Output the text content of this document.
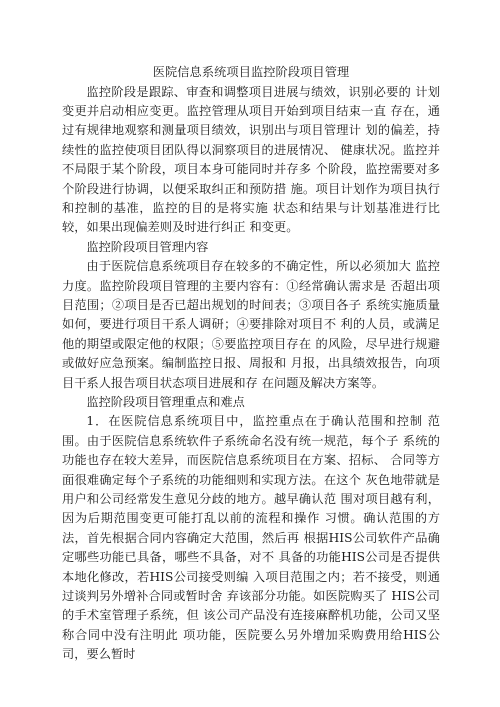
医院信息系统项目监控阶段项目管理

监控阶段是跟踪、审查和调整项目进展与绩效，识别必要的 计划变更并启动相应变更。监控管理从项目开始到项目结束一直 存在，通过有规律地观察和测量项目绩效，识别出与项目管理计 划的偏差，持续性的监控使项目团队得以洞察项目的进展情况、 健康状况。监控并不局限于某个阶段，项目本身可能同时并存多 个阶段，监控需要对多个阶段进行协调，以便采取纠正和预防措 施。项目计划作为项目执行和控制的基准，监控的目的是将实施 状态和结果与计划基准进行比较，如果出现偏差则及时进行纠正 和变更。

监控阶段项目管理内容

由于医院信息系统项目存在较多的不确定性，所以必须加大 监控力度。监控阶段项目管理的主要内容有：①经常确认需求是 否超出项目范围；②项目是否已超出规划的时间表；③项目各子 系统实施质量如何，要进行项目干系人调研；④要排除对项目不 利的人员，或满足他的期望或限定他的权限；⑤要监控项目存在 的风险，尽早进行规避或做好应急预案。编制监控日报、周报和 月报，出具绩效报告，向项目干系人报告项目状态项目进展和存 在问题及解决方案等。

监控阶段项目管理重点和难点

1．在医院信息系统项目中，监控重点在于确认范围和控制 范围。由于医院信息系统软件子系统命名没有统一规范，每个子 系统的功能也存在较大差异，而医院信息系统项目在方案、招标、 合同等方面很难确定每个子系统的功能细则和实现方法。在这个 灰色地带就是用户和公司经常发生意见分歧的地方。越早确认范 围对项目越有利，因为后期范围变更可能打乱以前的流程和操作 习惯。确认范围的方法，首先根据合同内容确定大范围，然后再 根据HIS公司软件产品确定哪些功能已具备，哪些不具备，对不 具备的功能HIS公司是否提供本地化修改，若HIS公司接受则编 入项目范围之内；若不接受，则通过谈判另外增补合同或暂时舍 弃该部分功能。如医院购买了 HIS公司的手术室管理子系统，但 该公司产品没有连接麻醉机功能，公司又坚称合同中没有注明此 项功能，医院要么另外增加采购费用给HIS公司，要么暂时
